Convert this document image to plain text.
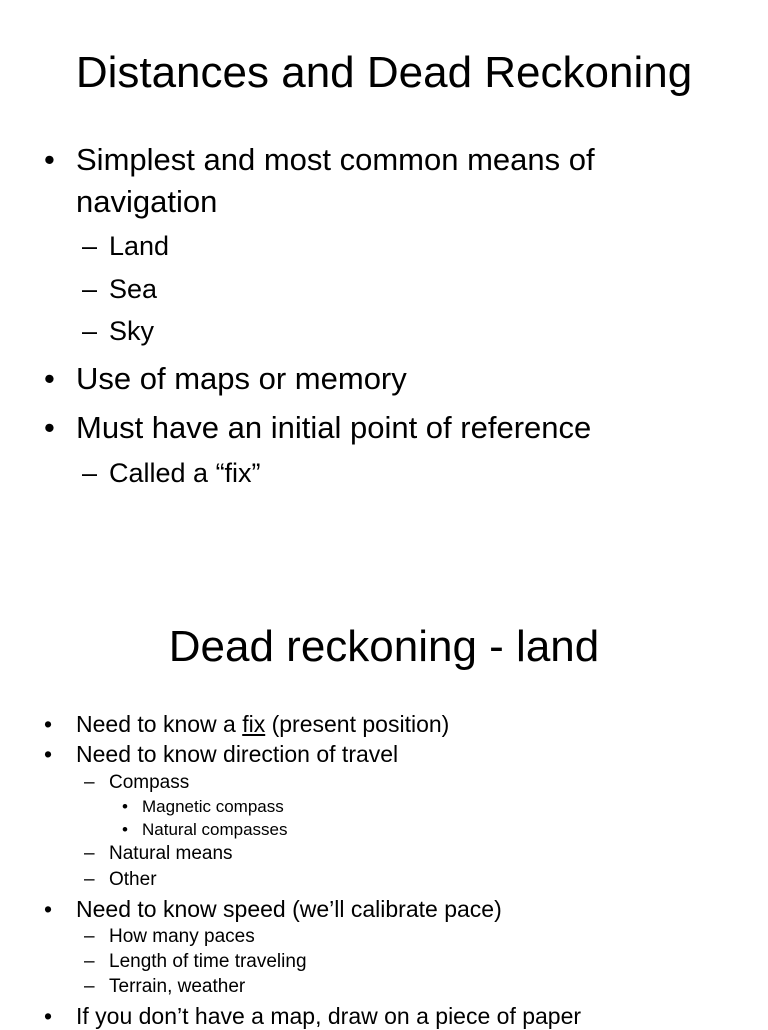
Distances and Dead Reckoning
• Simplest and most common means of
navigation
– Land
– Sea
– Sky
• Use of maps or memory
• Must have an initial point of reference
– Called a “fix”
Dead reckoning - land
• Need to know a fix (present position)
• Need to know direction of travel
– Compass
• Magnetic compass
• Natural compasses
– Natural means
– Other
• Need to know speed (we’ll calibrate pace)
– How many paces
– Length of time traveling
– Terrain, weather
• If you don’t have a map, draw on a piece of paper
